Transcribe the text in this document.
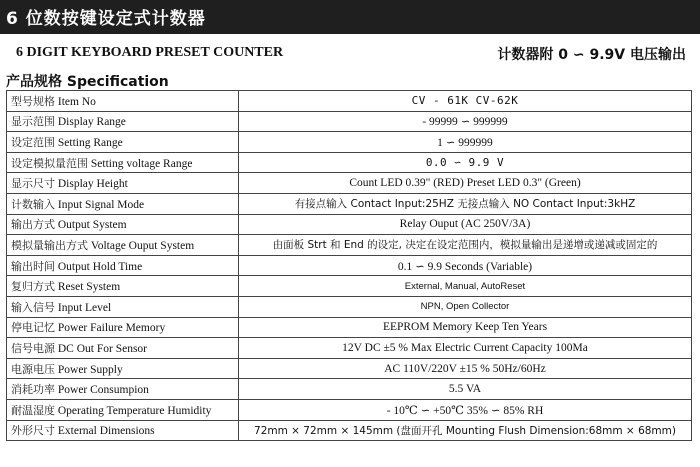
6 位数按键设定式计数器
6 DIGIT KEYBOARD PRESET COUNTER	计数器附 0 ∽ 9.9V 电压输出
产品规格 Specification
型号规格 Item No	CV - 61K CV-62K
显示范围 Display Range	- 99999 ∽ 999999
设定范围 Setting Range	1 ∽ 999999
设定模拟量范围 Setting voltage Range	0.0 ∽ 9.9 V
显示尺寸 Display Height	Count LED 0.39" (RED) Preset LED 0.3" (Green)
计数输入 Input Signal Mode	有接点输入 Contact Input:25HZ 无接点输入 NO Contact Input:3kHZ
输出方式 Output System	Relay Ouput (AC 250V/3A)
模拟量输出方式 Voltage Ouput System	由面板 Strt 和 End 的设定, 决定在设定范围内，模拟量输出是递增或递减或固定的
输出时间 Output Hold Time	0.1 ∽ 9.9 Seconds (Variable)
复归方式 Reset System	External, Manual, AutoReset
输入信号 Input Level	NPN, Open Collector
停电记忆 Power Failure Memory	EEPROM Memory Keep Ten Years
信号电源 DC Out For Sensor	12V DC ±5 % Max Electric Current Capacity 100Ma
电源电压 Power Supply	AC 110V/220V ±15 % 50Hz/60Hz
消耗功率 Power Consumpion	5.5 VA
耐温湿度 Operating Temperature Humidity	- 10℃ ∽ +50℃ 35% ∽ 85% RH
外形尺寸 External Dimensions	72mm × 72mm × 145mm (盘面开孔 Mounting Flush Dimension:68mm × 68mm)
